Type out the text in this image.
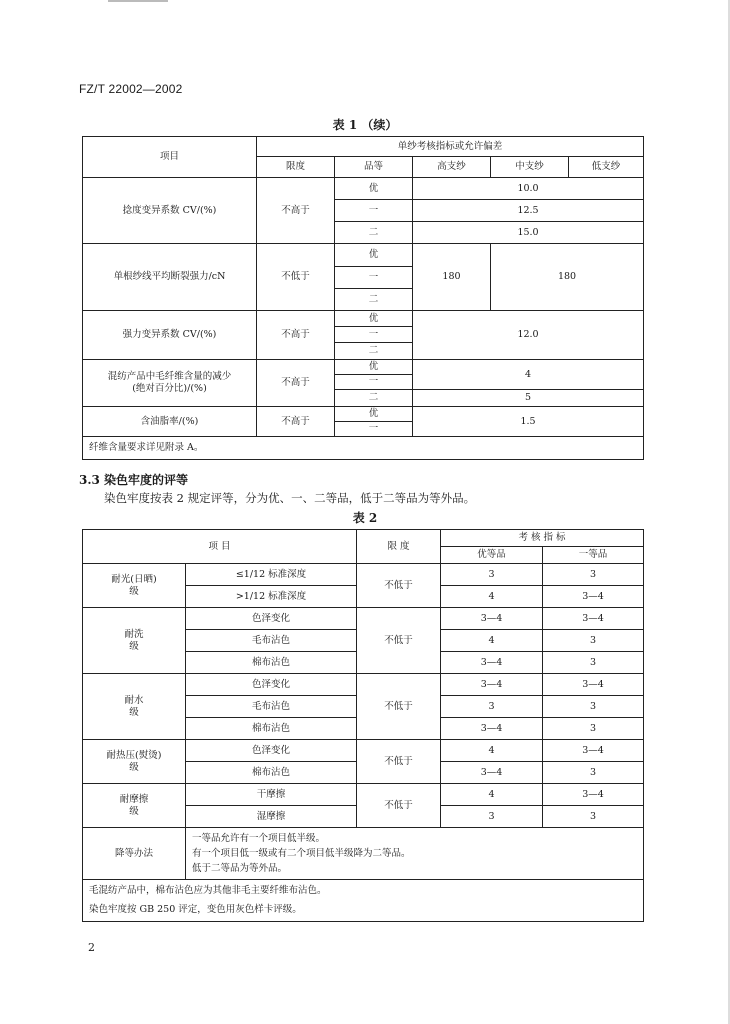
FZ/T 22002—2002
表 1 （续）
项目	单纱考核指标或允许偏差				
	限度	品等	高支纱	中支纱	低支纱
捻度变异系数 CV/(%)	不高于	优	10.0		
		一	12.5		
		二	15.0		
单根纱线平均断裂强力/cN	不低于	优	180	180	
		一			
		二			
强力变异系数 CV/(%)	不高于	优	12.0		
		一			
		二			

混纺产品中毛纤维含量的减少
(绝对百分比)/(%)	不高于	优	4		
		一			
		二	5		
含油脂率/(%)	不高于	优	1.5		
		一			
纤维含量要求详见附录 A。					
3.3 染色牢度的评等
染色牢度按表 2 规定评等，分为优、一、二等品，低于二等品为等外品。
表 2
项 目		限 度	考 核 指 标	
			优等品	一等品

耐光(日晒)
级	≤1/12 标准深度	不低于	3	3
	>1/12 标准深度		4	3—4

耐洗
级	色泽变化	不低于	3—4	3—4
	毛布沾色		4	3
	棉布沾色		3—4	3

耐水
级	色泽变化	不低于	3—4	3—4
	毛布沾色		3	3
	棉布沾色		3—4	3

耐热压(熨烫)
级	色泽变化	不低于	4	3—4
	棉布沾色		3—4	3

耐摩擦
级	干摩擦	不低于	4	3—4
	湿摩擦		3	3
降等办法	一等品允许有一个项目低半级。
有一个项目低一级或有二个项目低半级降为二等品。
低于二等品为等外品。			

毛混纺产品中，棉布沾色应为其他非毛主要纤维布沾色。
染色牢度按 GB 250 评定，变色用灰色样卡评级。				
2
